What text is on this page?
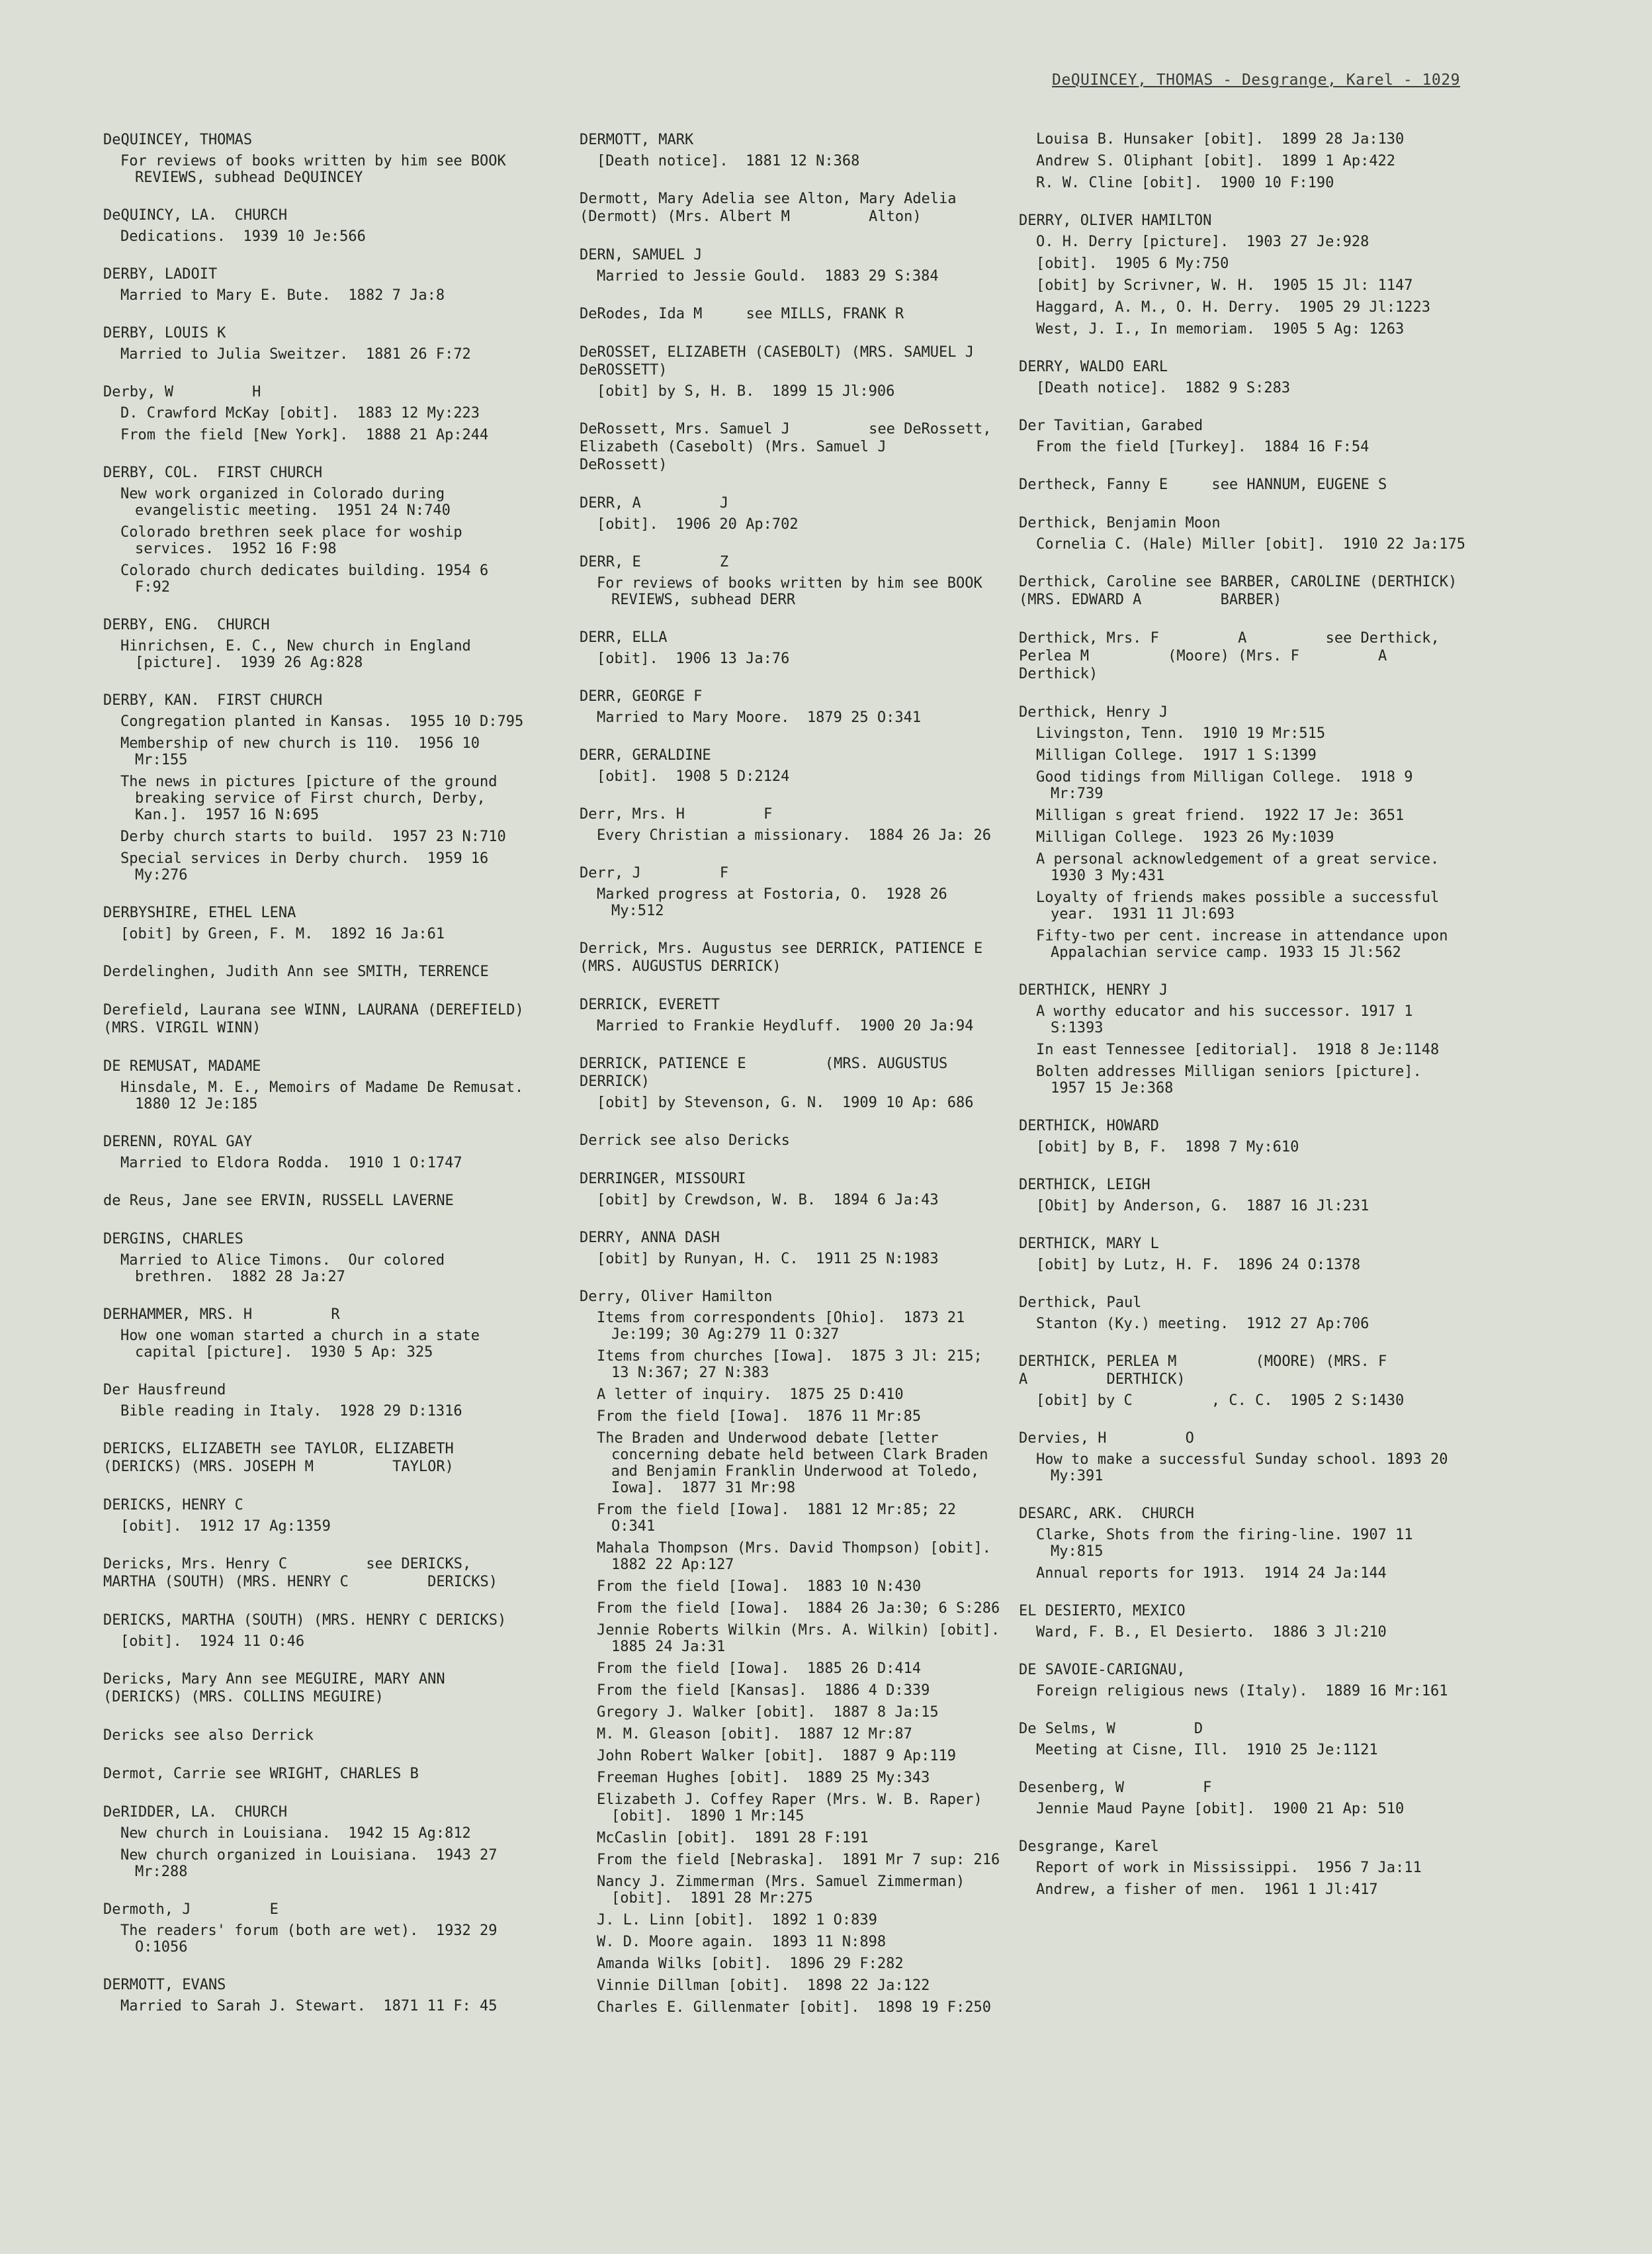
DeQUINCEY, THOMAS - Desgrange, Karel - 1029
DeQUINCEY, THOMAS
For reviews of books written by him see BOOK REVIEWS, subhead DeQUINCEY
DeQUINCY, LA.  CHURCH
Dedications.  1939 10 Je:566
DERBY, LADOIT
Married to Mary E. Bute.  1882 7 Ja:8
DERBY, LOUIS K
Married to Julia Sweitzer.  1881 26 F:72
Derby, W         H
D. Crawford McKay [obit].  1883 12 My:223
From the field [New York].  1888 21 Ap:244
DERBY, COL.  FIRST CHURCH
New work organized in Colorado during evangelistic meeting.  1951 24 N:740
Colorado brethren seek place for woship services.  1952 16 F:98
Colorado church dedicates building. 1954 6 F:92
DERBY, ENG.  CHURCH
Hinrichsen, E. C., New church in England [picture].  1939 26 Ag:828
DERBY, KAN.  FIRST CHURCH
Congregation planted in Kansas.  1955 10 D:795
Membership of new church is 110.  1956 10 Mr:155
The news in pictures [picture of the ground breaking service of First church, Derby, Kan.].  1957 16 N:695
Derby church starts to build.  1957 23 N:710
Special services in Derby church.  1959 16 My:276
DERBYSHIRE, ETHEL LENA
[obit] by Green, F. M.  1892 16 Ja:61
Derdelinghen, Judith Ann see SMITH, TERRENCE
Derefield, Laurana see WINN, LAURANA (DEREFIELD) (MRS. VIRGIL WINN)
DE REMUSAT, MADAME
Hinsdale, M. E., Memoirs of Madame De Remusat.  1880 12 Je:185
DERENN, ROYAL GAY
Married to Eldora Rodda.  1910 1 O:1747
de Reus, Jane see ERVIN, RUSSELL LAVERNE
DERGINS, CHARLES
Married to Alice Timons.  Our colored brethren.  1882 28 Ja:27
DERHAMMER, MRS. H         R
How one woman started a church in a state capital [picture].  1930 5 Ap: 325
Der Hausfreund
Bible reading in Italy.  1928 29 D:1316
DERICKS, ELIZABETH see TAYLOR, ELIZABETH (DERICKS) (MRS. JOSEPH M         TAYLOR)
DERICKS, HENRY C
[obit].  1912 17 Ag:1359
Dericks, Mrs. Henry C         see DERICKS, MARTHA (SOUTH) (MRS. HENRY C         DERICKS)
DERICKS, MARTHA (SOUTH) (MRS. HENRY C DERICKS)
[obit].  1924 11 O:46
Dericks, Mary Ann see MEGUIRE, MARY ANN (DERICKS) (MRS. COLLINS MEGUIRE)
Dericks see also Derrick
Dermot, Carrie see WRIGHT, CHARLES B
DeRIDDER, LA.  CHURCH
New church in Louisiana.  1942 15 Ag:812
New church organized in Louisiana.  1943 27 Mr:288
Dermoth, J         E
The readers' forum (both are wet).  1932 29 O:1056
DERMOTT, EVANS
Married to Sarah J. Stewart.  1871 11 F: 45
DERMOTT, MARK
[Death notice].  1881 12 N:368
Dermott, Mary Adelia see Alton, Mary Adelia (Dermott) (Mrs. Albert M         Alton)
DERN, SAMUEL J
Married to Jessie Gould.  1883 29 S:384
DeRodes, Ida M     see MILLS, FRANK R
DeROSSET, ELIZABETH (CASEBOLT) (MRS. SAMUEL J         DeROSSETT)
[obit] by S, H. B.  1899 15 Jl:906
DeRossett, Mrs. Samuel J         see DeRossett, Elizabeth (Casebolt) (Mrs. Samuel J         DeRossett)
DERR, A         J
[obit].  1906 20 Ap:702
DERR, E         Z
For reviews of books written by him see BOOK REVIEWS, subhead DERR
DERR, ELLA
[obit].  1906 13 Ja:76
DERR, GEORGE F
Married to Mary Moore.  1879 25 O:341
DERR, GERALDINE
[obit].  1908 5 D:2124
Derr, Mrs. H         F
Every Christian a missionary.  1884 26 Ja: 26
Derr, J         F
Marked progress at Fostoria, O.  1928 26 My:512
Derrick, Mrs. Augustus see DERRICK, PATIENCE E         (MRS. AUGUSTUS DERRICK)
DERRICK, EVERETT
Married to Frankie Heydluff.  1900 20 Ja:94
DERRICK, PATIENCE E         (MRS. AUGUSTUS DERRICK)
[obit] by Stevenson, G. N.  1909 10 Ap: 686
Derrick see also Dericks
DERRINGER, MISSOURI
[obit] by Crewdson, W. B.  1894 6 Ja:43
DERRY, ANNA DASH
[obit] by Runyan, H. C.  1911 25 N:1983
Derry, Oliver Hamilton
Items from correspondents [Ohio].  1873 21 Je:199; 30 Ag:279 11 O:327
Items from churches [Iowa].  1875 3 Jl: 215; 13 N:367; 27 N:383
A letter of inquiry.  1875 25 D:410
From the field [Iowa].  1876 11 Mr:85
The Braden and Underwood debate [letter concerning debate held between Clark Braden and Benjamin Franklin Underwood at Toledo, Iowa].  1877 31 Mr:98
From the field [Iowa].  1881 12 Mr:85; 22 O:341
Mahala Thompson (Mrs. David Thompson) [obit].  1882 22 Ap:127
From the field [Iowa].  1883 10 N:430
From the field [Iowa].  1884 26 Ja:30; 6 S:286
Jennie Roberts Wilkin (Mrs. A. Wilkin) [obit].  1885 24 Ja:31
From the field [Iowa].  1885 26 D:414
From the field [Kansas].  1886 4 D:339
Gregory J. Walker [obit].  1887 8 Ja:15
M. M. Gleason [obit].  1887 12 Mr:87
John Robert Walker [obit].  1887 9 Ap:119
Freeman Hughes [obit].  1889 25 My:343
Elizabeth J. Coffey Raper (Mrs. W. B. Raper) [obit].  1890 1 Mr:145
McCaslin [obit].  1891 28 F:191
From the field [Nebraska].  1891 Mr 7 sup: 216
Nancy J. Zimmerman (Mrs. Samuel Zimmerman) [obit].  1891 28 Mr:275
J. L. Linn [obit].  1892 1 O:839
W. D. Moore again.  1893 11 N:898
Amanda Wilks [obit].  1896 29 F:282
Vinnie Dillman [obit].  1898 22 Ja:122
Charles E. Gillenmater [obit].  1898 19 F:250
Louisa B. Hunsaker [obit].  1899 28 Ja:130
Andrew S. Oliphant [obit].  1899 1 Ap:422
R. W. Cline [obit].  1900 10 F:190
DERRY, OLIVER HAMILTON
O. H. Derry [picture].  1903 27 Je:928
[obit].  1905 6 My:750
[obit] by Scrivner, W. H.  1905 15 Jl: 1147
Haggard, A. M., O. H. Derry.  1905 29 Jl:1223
West, J. I., In memoriam.  1905 5 Ag: 1263
DERRY, WALDO EARL
[Death notice].  1882 9 S:283
Der Tavitian, Garabed
From the field [Turkey].  1884 16 F:54
Dertheck, Fanny E     see HANNUM, EUGENE S
Derthick, Benjamin Moon
Cornelia C. (Hale) Miller [obit].  1910 22 Ja:175
Derthick, Caroline see BARBER, CAROLINE (DERTHICK) (MRS. EDWARD A         BARBER)
Derthick, Mrs. F         A         see Derthick, Perlea M         (Moore) (Mrs. F         A         Derthick)
Derthick, Henry J
Livingston, Tenn.  1910 19 Mr:515
Milligan College.  1917 1 S:1399
Good tidings from Milligan College.  1918 9 Mr:739
Milligan s great friend.  1922 17 Je: 3651
Milligan College.  1923 26 My:1039
A personal acknowledgement of a great service.  1930 3 My:431
Loyalty of friends makes possible a successful year.  1931 11 Jl:693
Fifty-two per cent. increase in attendance upon Appalachian service camp. 1933 15 Jl:562
DERTHICK, HENRY J
A worthy educator and his successor. 1917 1 S:1393
In east Tennessee [editorial].  1918 8 Je:1148
Bolten addresses Milligan seniors [picture].  1957 15 Je:368
DERTHICK, HOWARD
[obit] by B, F.  1898 7 My:610
DERTHICK, LEIGH
[Obit] by Anderson, G.  1887 16 Jl:231
DERTHICK, MARY L
[obit] by Lutz, H. F.  1896 24 O:1378
Derthick, Paul
Stanton (Ky.) meeting.  1912 27 Ap:706
DERTHICK, PERLEA M         (MOORE) (MRS. F         A         DERTHICK)
[obit] by C         , C. C.  1905 2 S:1430
Dervies, H         O
How to make a successful Sunday school. 1893 20 My:391
DESARC, ARK.  CHURCH
Clarke, Shots from the firing-line. 1907 11 My:815
Annual reports for 1913.  1914 24 Ja:144
EL DESIERTO, MEXICO
Ward, F. B., El Desierto.  1886 3 Jl:210
DE SAVOIE-CARIGNAU,
Foreign religious news (Italy).  1889 16 Mr:161
De Selms, W         D
Meeting at Cisne, Ill.  1910 25 Je:1121
Desenberg, W         F
Jennie Maud Payne [obit].  1900 21 Ap: 510
Desgrange, Karel
Report of work in Mississippi.  1956 7 Ja:11
Andrew, a fisher of men.  1961 1 Jl:417
